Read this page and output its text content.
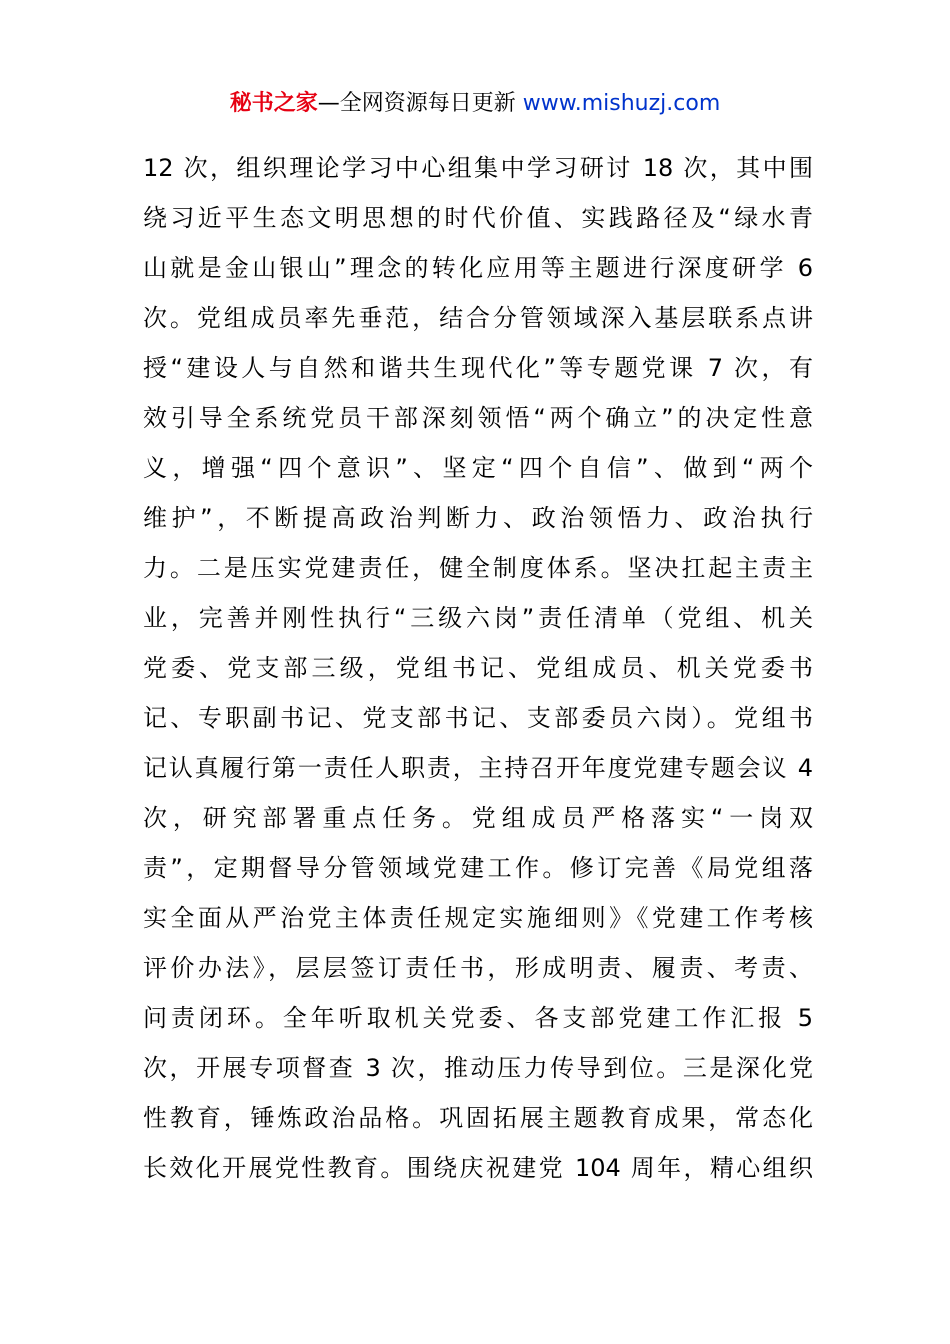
秘书之家—全网资源每日更新 www.mishuzj.com
12 次，组织理论学习中心组集中学习研讨 18 次，其中围
绕习近平生态文明思想的时代价值、实践路径及“绿水青
山就是金山银山”理念的转化应用等主题进行深度研学 6
次。党组成员率先垂范，结合分管领域深入基层联系点讲
授“建设人与自然和谐共生现代化”等专题党课 7 次，有
效引导全系统党员干部深刻领悟“两个确立”的决定性意
义，增强“四个意识”、坚定“四个自信”、做到“两个
维护”，不断提高政治判断力、政治领悟力、政治执行
力。二是压实党建责任，健全制度体系。坚决扛起主责主
业，完善并刚性执行“三级六岗”责任清单（党组、机关
党委、党支部三级，党组书记、党组成员、机关党委书
记、专职副书记、党支部书记、支部委员六岗）。党组书
记认真履行第一责任人职责，主持召开年度党建专题会议 4
次，研究部署重点任务。党组成员严格落实“一岗双
责”，定期督导分管领域党建工作。修订完善《局党组落
实全面从严治党主体责任规定实施细则》《党建工作考核
评价办法》，层层签订责任书，形成明责、履责、考责、
问责闭环。全年听取机关党委、各支部党建工作汇报 5
次，开展专项督查 3 次，推动压力传导到位。三是深化党
性教育，锤炼政治品格。巩固拓展主题教育成果，常态化
长效化开展党性教育。围绕庆祝建党 104 周年，精心组织
